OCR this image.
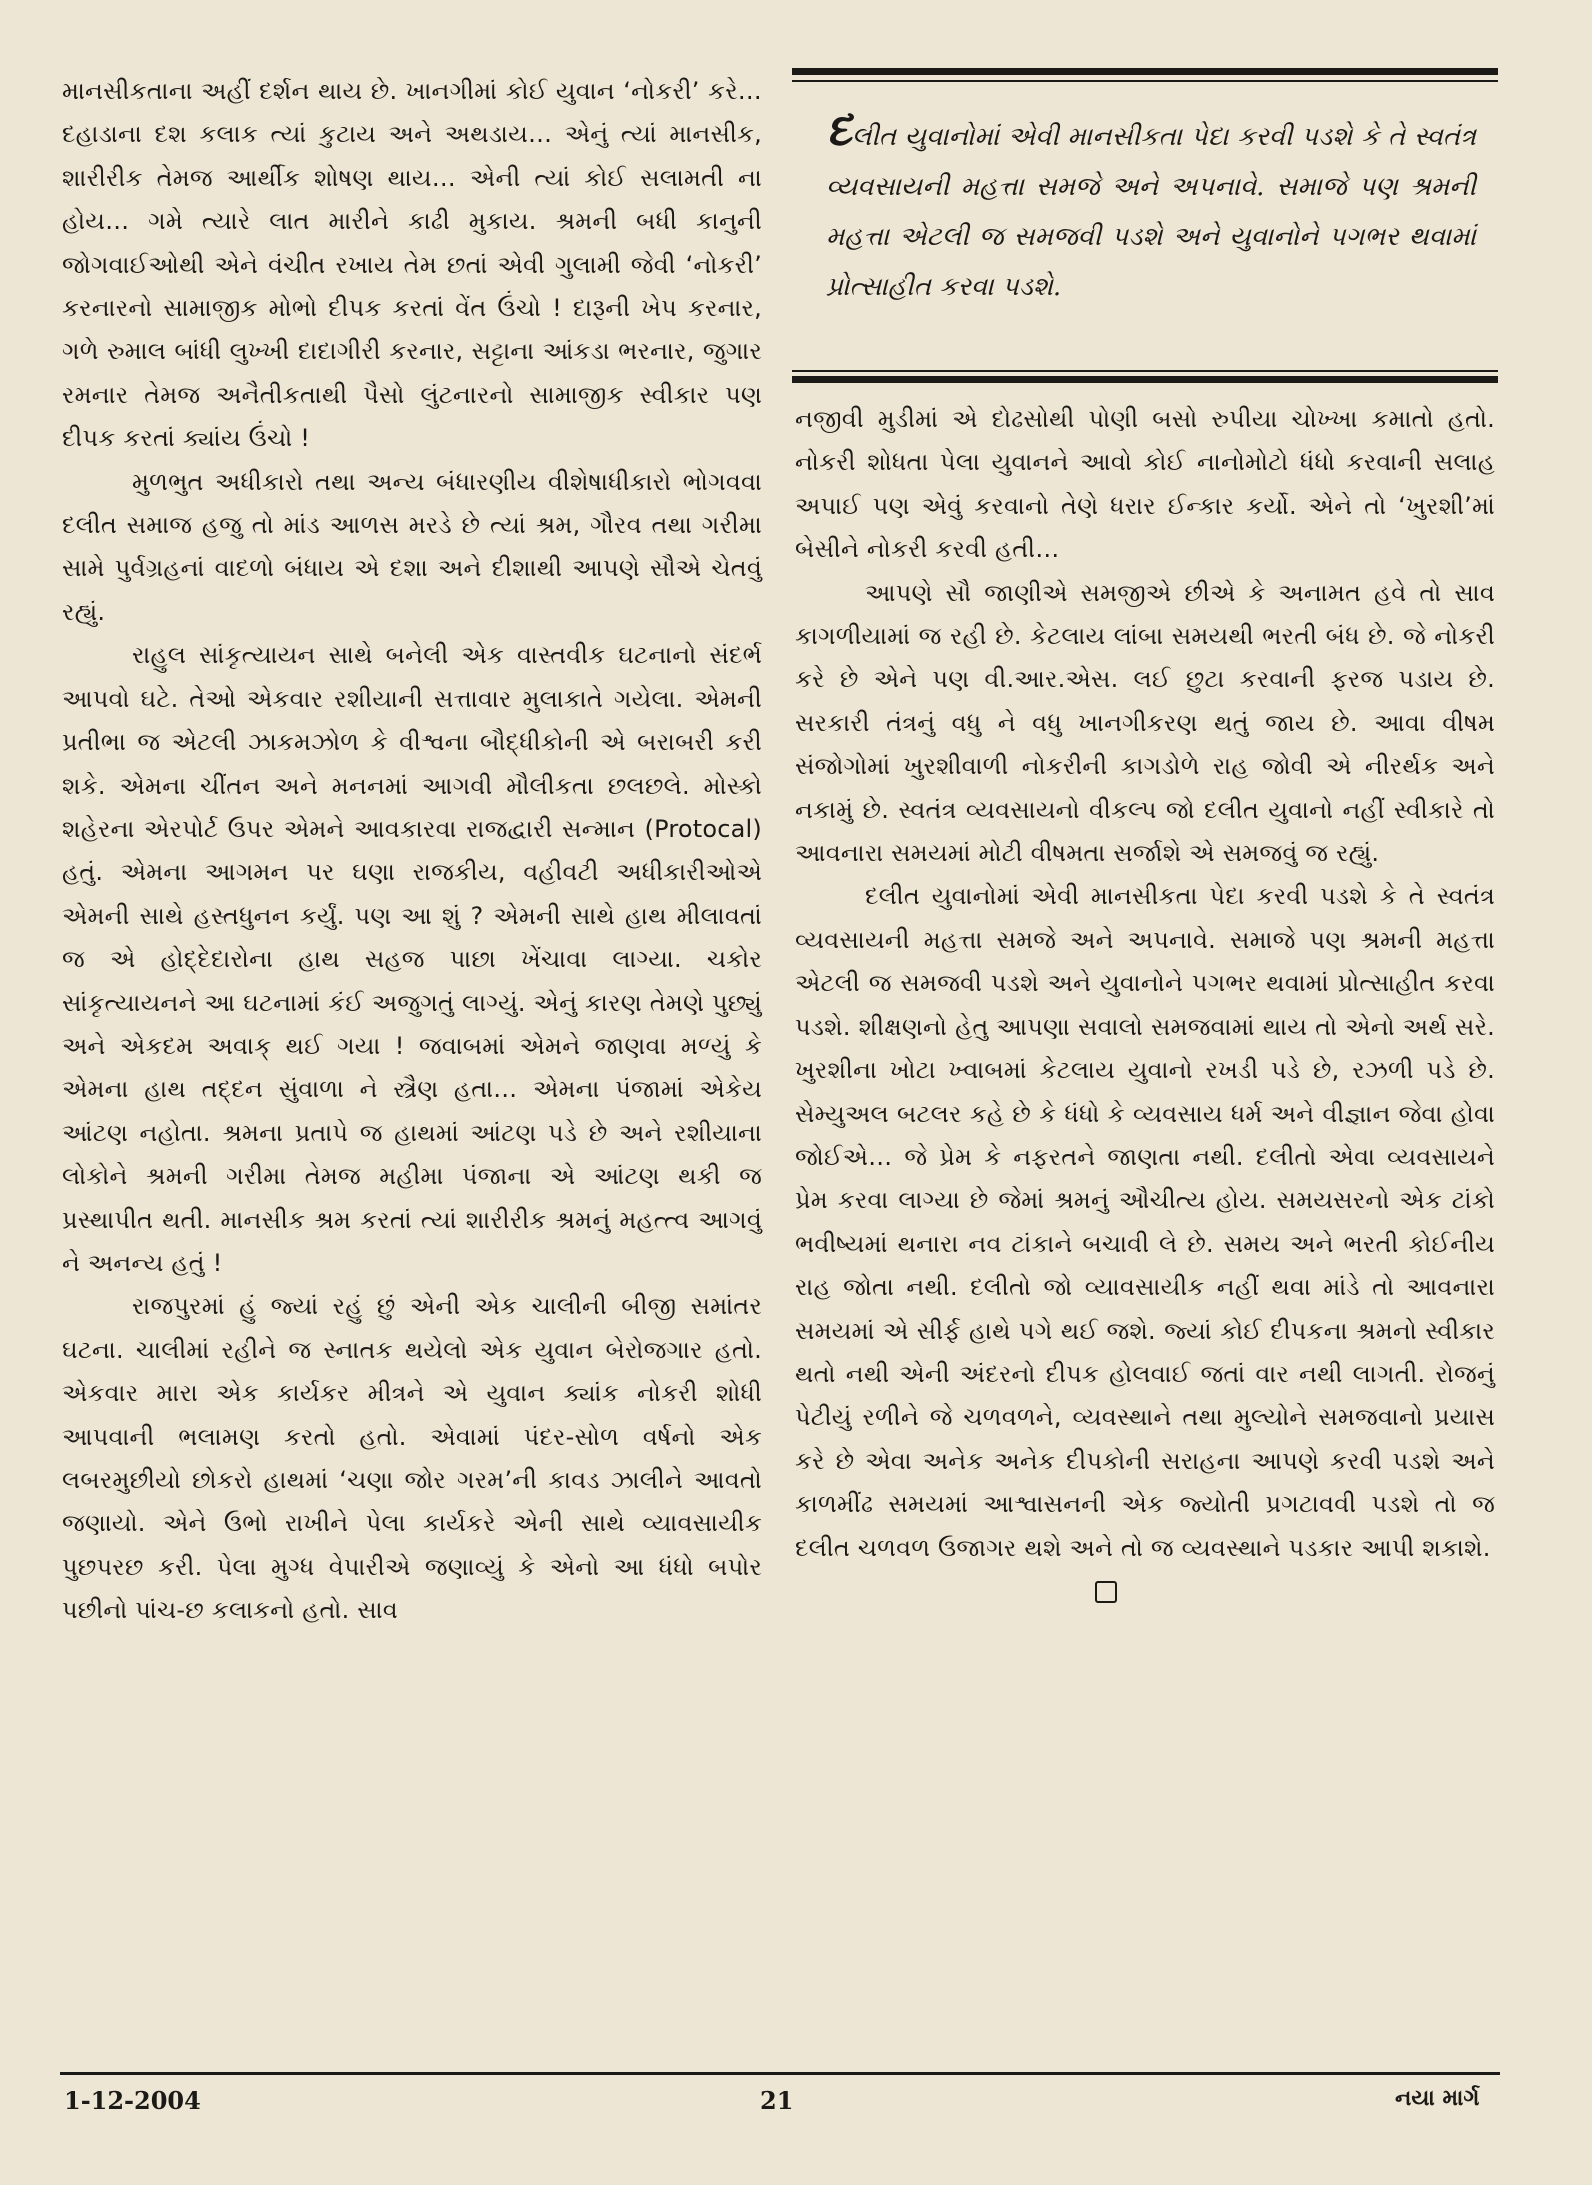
માનસીકતાના અહીં દર્શન થાય છે. ખાનગીમાં કોઈ યુવાન ‘નોકરી’ કરે… દહાડાના દશ કલાક ત્યાં કુટાય અને અથડાય… એનું ત્યાં માનસીક, શારીરીક તેમજ આર્થીક શોષણ થાય… એની ત્યાં કોઈ સલામતી ના હોય… ગમે ત્યારે લાત મારીને કાઢી મુકાય. શ્રમની બધી કાનુની જોગવાઈઓથી એને વંચીત રખાય તેમ છતાં એવી ગુલામી જેવી ‘નોકરી’ કરનારનો સામાજીક મોભો દીપક કરતાં વેંત ઉંચો ! દારૂની ખેપ કરનાર, ગળે રુમાલ બાંધી લુખ્ખી દાદાગીરી કરનાર, સટ્ટાના આંકડા ભરનાર, જુગાર રમનાર તેમજ અનૈતીકતાથી પૈસો લુંટનારનો સામાજીક સ્વીકાર પણ દીપક કરતાં ક્યાંય ઉંચો !

મુળભુત અધીકારો તથા અન્ય બંધારણીય વીશેષાધીકારો ભોગવવા દલીત સમાજ હજુ તો માંડ આળસ મરડે છે ત્યાં શ્રમ, ગૌરવ તથા ગરીમા સામે પુર્વગ્રહનાં વાદળો બંધાય એ દશા અને દીશાથી આપણે સૌએ ચેતવું રહ્યું.

રાહુલ સાંકૃત્યાયન સાથે બનેલી એક વાસ્તવીક ઘટનાનો સંદર્ભ આપવો ઘટે. તેઓ એકવાર રશીયાની સત્તાવાર મુલાકાતે ગયેલા. એમની પ્રતીભા જ એટલી ઝાકમઝોળ કે વીશ્વના બૌદ્ધીકોની એ બરાબરી કરી શકે. એમના ચીંતન અને મનનમાં આગવી મૌલીકતા છલછલે. મોસ્કો શહેરના એરપોર્ટ ઉપર એમને આવકારવા રાજદ્વારી સન્માન (Protocal) હતું. એમના આગમન પર ઘણા રાજકીય, વહીવટી અધીકારીઓએ એમની સાથે હસ્તધુનન કર્યું. પણ આ શું ? એમની સાથે હાથ મીલાવતાં જ એ હોદ્દેદારોના હાથ સહજ પાછા ખેંચાવા લાગ્યા. ચકોર સાંકૃત્યાયનને આ ઘટનામાં કંઈ અજુગતું લાગ્યું. એનું કારણ તેમણે પુછ્યું અને એકદમ અવાક્ થઈ ગયા ! જવાબમાં એમને જાણવા મળ્યું કે એમના હાથ તદ્દન સુંવાળા ને સ્ત્રૈણ હતા… એમના પંજામાં એકેય આંટણ નહોતા. શ્રમના પ્રતાપે જ હાથમાં આંટણ પડે છે અને રશીયાના લોકોને શ્રમની ગરીમા તેમજ મહીમા પંજાના એ આંટણ થકી જ પ્રસ્થાપીત થતી. માનસીક શ્રમ કરતાં ત્યાં શારીરીક શ્રમનું મહત્ત્વ આગવું ને અનન્ય હતું !

રાજપુરમાં હું જ્યાં રહું છું એની એક ચાલીની બીજી સમાંતર ઘટના. ચાલીમાં રહીને જ સ્નાતક થયેલો એક યુવાન બેરોજગાર હતો. એકવાર મારા એક કાર્યકર મીત્રને એ યુવાન ક્યાંક નોકરી શોધી આપવાની ભલામણ કરતો હતો. એવામાં પંદર-સોળ વર્ષનો એક લબરમુછીયો છોકરો હાથમાં ‘ચણા જોર ગરમ’ની કાવડ ઝાલીને આવતો જણાયો. એને ઉભો રાખીને પેલા કાર્યકરે એની સાથે વ્યાવસાયીક પુછપરછ કરી. પેલા મુગ્ધ વેપારીએ જણાવ્યું કે એનો આ ધંધો બપોર પછીનો પાંચ-છ કલાકનો હતો. સાવ

દલીત યુવાનોમાં એવી માનસીકતા પેદા કરવી પડશે કે તે સ્વતંત્ર વ્યવસાયની મહત્તા સમજે અને અપનાવે. સમાજે પણ શ્રમની મહત્તા એટલી જ સમજવી પડશે અને યુવાનોને પગભર થવામાં પ્રોત્સાહીત કરવા પડશે.

નજીવી મુડીમાં એ દોઢસોથી પોણી બસો રુપીયા ચોખ્ખા કમાતો હતો. નોકરી શોધતા પેલા યુવાનને આવો કોઈ નાનોમોટો ધંધો કરવાની સલાહ અપાઈ પણ એવું કરવાનો તેણે ધરાર ઈન્કાર કર્યો. એને તો ‘ખુરશી’માં બેસીને નોકરી કરવી હતી…

આપણે સૌ જાણીએ સમજીએ છીએ કે અનામત હવે તો સાવ કાગળીયામાં જ રહી છે. કેટલાય લાંબા સમયથી ભરતી બંધ છે. જે નોકરી કરે છે એને પણ વી.આર.એસ. લઈ છુટા કરવાની ફરજ પડાય છે. સરકારી તંત્રનું વધુ ને વધુ ખાનગીકરણ થતું જાય છે. આવા વીષમ સંજોગોમાં ખુરશીવાળી નોકરીની કાગડોળે રાહ જોવી એ નીરર્થક અને નકામું છે. સ્વતંત્ર વ્યવસાયનો વીકલ્પ જો દલીત યુવાનો નહીં સ્વીકારે તો આવનારા સમયમાં મોટી વીષમતા સર્જાશે એ સમજવું જ રહ્યું.

દલીત યુવાનોમાં એવી માનસીકતા પેદા કરવી પડશે કે તે સ્વતંત્ર વ્યવસાયની મહત્તા સમજે અને અપનાવે. સમાજે પણ શ્રમની મહત્તા એટલી જ સમજવી પડશે અને યુવાનોને પગભર થવામાં પ્રોત્સાહીત કરવા પડશે. શીક્ષણનો હેતુ આપણા સવાલો સમજવામાં થાય તો એનો અર્થ સરે. ખુરશીના ખોટા ખ્વાબમાં કેટલાય યુવાનો રખડી પડે છે, રઝળી પડે છે. સેમ્યુઅલ બટલર કહે છે કે ધંધો કે વ્યવસાય ધર્મ અને વીજ્ઞાન જેવા હોવા જોઈએ… જે પ્રેમ કે નફરતને જાણતા નથી. દલીતો એવા વ્યવસાયને પ્રેમ કરવા લાગ્યા છે જેમાં શ્રમનું ઔચીત્ય હોય. સમયસરનો એક ટાંકો ભવીષ્યમાં થનારા નવ ટાંકાને બચાવી લે છે. સમય અને ભરતી કોઈનીય રાહ જોતા નથી. દલીતો જો વ્યાવસાયીક નહીં થવા માંડે તો આવનારા સમયમાં એ સીર્ફ હાથે પગે થઈ જશે. જ્યાં કોઈ દીપકના શ્રમનો સ્વીકાર થતો નથી એની અંદરનો દીપક હોલવાઈ જતાં વાર નથી લાગતી. રોજનું પેટીયું રળીને જે ચળવળને, વ્યવસ્થાને તથા મુલ્યોને સમજવાનો પ્રયાસ કરે છે એવા અનેક અનેક દીપકોની સરાહના આપણે કરવી પડશે અને કાળમીંઢ સમયમાં આશ્વાસનની એક જ્યોતી પ્રગટાવવી પડશે તો જ દલીત ચળવળ ઉજાગર થશે અને તો જ વ્યવસ્થાને પડકાર આપી શકાશે.

1-12-2004	21	નયા માર્ગ
